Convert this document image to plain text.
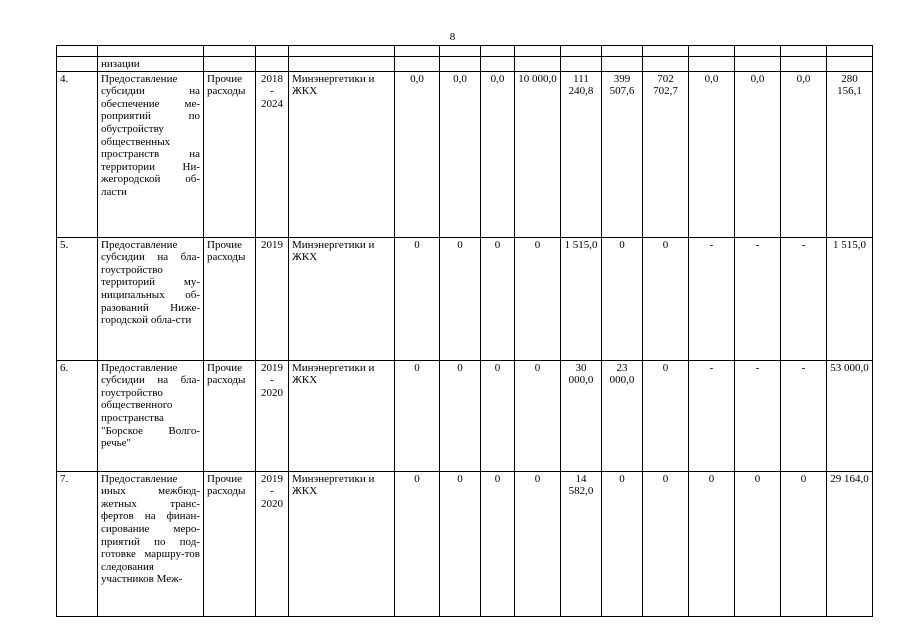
8

	низации														
4.	Предоставление субсидии на обеспечение ме-роприятий по обустройству общественных пространств на территории Ни-жегородской об-ласти	Прочие расходы	2018 - 2024	Минэнергетики и ЖКХ	0,0	0,0	0,0	10 000,0	111 240,8	399 507,6	702 702,7	0,0	0,0	0,0	280 156,1
5.	Предоставление субсидии на бла-гоустройство территорий му-ниципальных об-разований Ниже-городской обла-сти	Прочие расходы	2019	Минэнергетики и ЖКХ	0	0	0	0	1 515,0	0	0	-	-	-	1 515,0
6.	Предоставление субсидии на бла-гоустройство общественного пространства "Борское Волго-речье"	Прочие расходы	2019 - 2020	Минэнергетики и ЖКХ	0	0	0	0	30 000,0	23 000,0	0	-	-	-	53 000,0
7.	Предоставление иных межбюд-жетных транс-фертов на финан-сирование меро-приятий по под-готовке маршру-тов следования участников Меж-	Прочие расходы	2019 - 2020	Минэнергетики и ЖКХ	0	0	0	0	14 582,0	0	0	0	0	0	29 164,0
